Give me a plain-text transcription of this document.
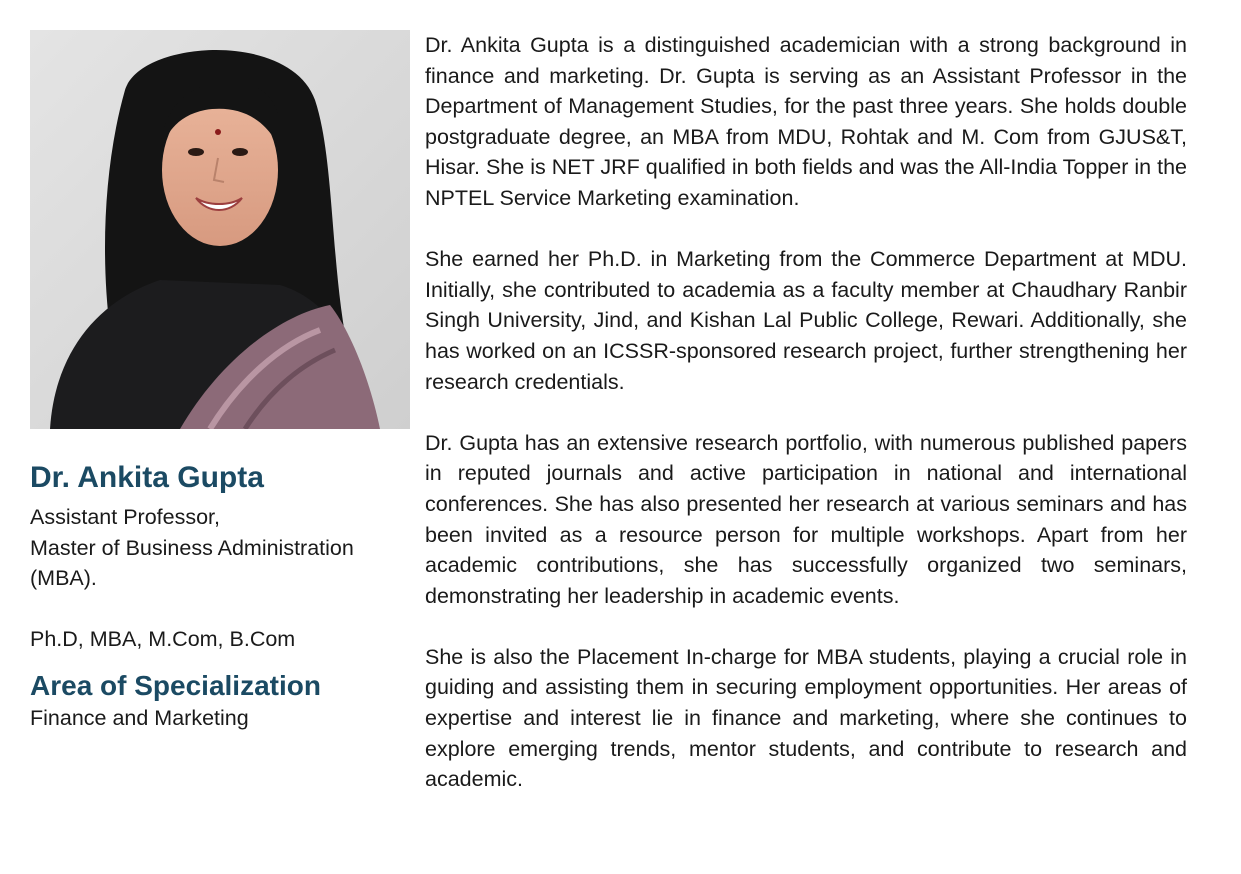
Dr. Ankita Gupta

Assistant Professor,

Master of Business Administration

(MBA).

Ph.D, MBA, M.Com, B.Com

Area of Specialization

Finance and Marketing

Dr. Ankita Gupta is a distinguished academician with a strong background in finance and marketing. Dr. Gupta is serving as an Assistant Professor in the Department of Management Studies, for the past three years. She holds double postgraduate degree, an MBA from MDU, Rohtak and M. Com from GJUS&T, Hisar. She is NET JRF qualified in both fields and was the All-India Topper in the NPTEL Service Marketing examination.

She earned her Ph.D. in Marketing from the Commerce Department at MDU. Initially, she contributed to academia as a faculty member at Chaudhary Ranbir Singh University, Jind, and Kishan Lal Public College, Rewari. Additionally, she has worked on an ICSSR-sponsored research project, further strengthening her research credentials.

Dr. Gupta has an extensive research portfolio, with numerous published papers in reputed journals and active participation in national and international conferences. She has also presented her research at various seminars and has been invited as a resource person for multiple workshops. Apart from her academic contributions, she has successfully organized two seminars, demonstrating her leadership in academic events.

She is also the Placement In-charge for MBA students, playing a crucial role in guiding and assisting them in securing employment opportunities. Her areas of expertise and interest lie in finance and marketing, where she continues to explore emerging trends, mentor students, and contribute to research and academic.
